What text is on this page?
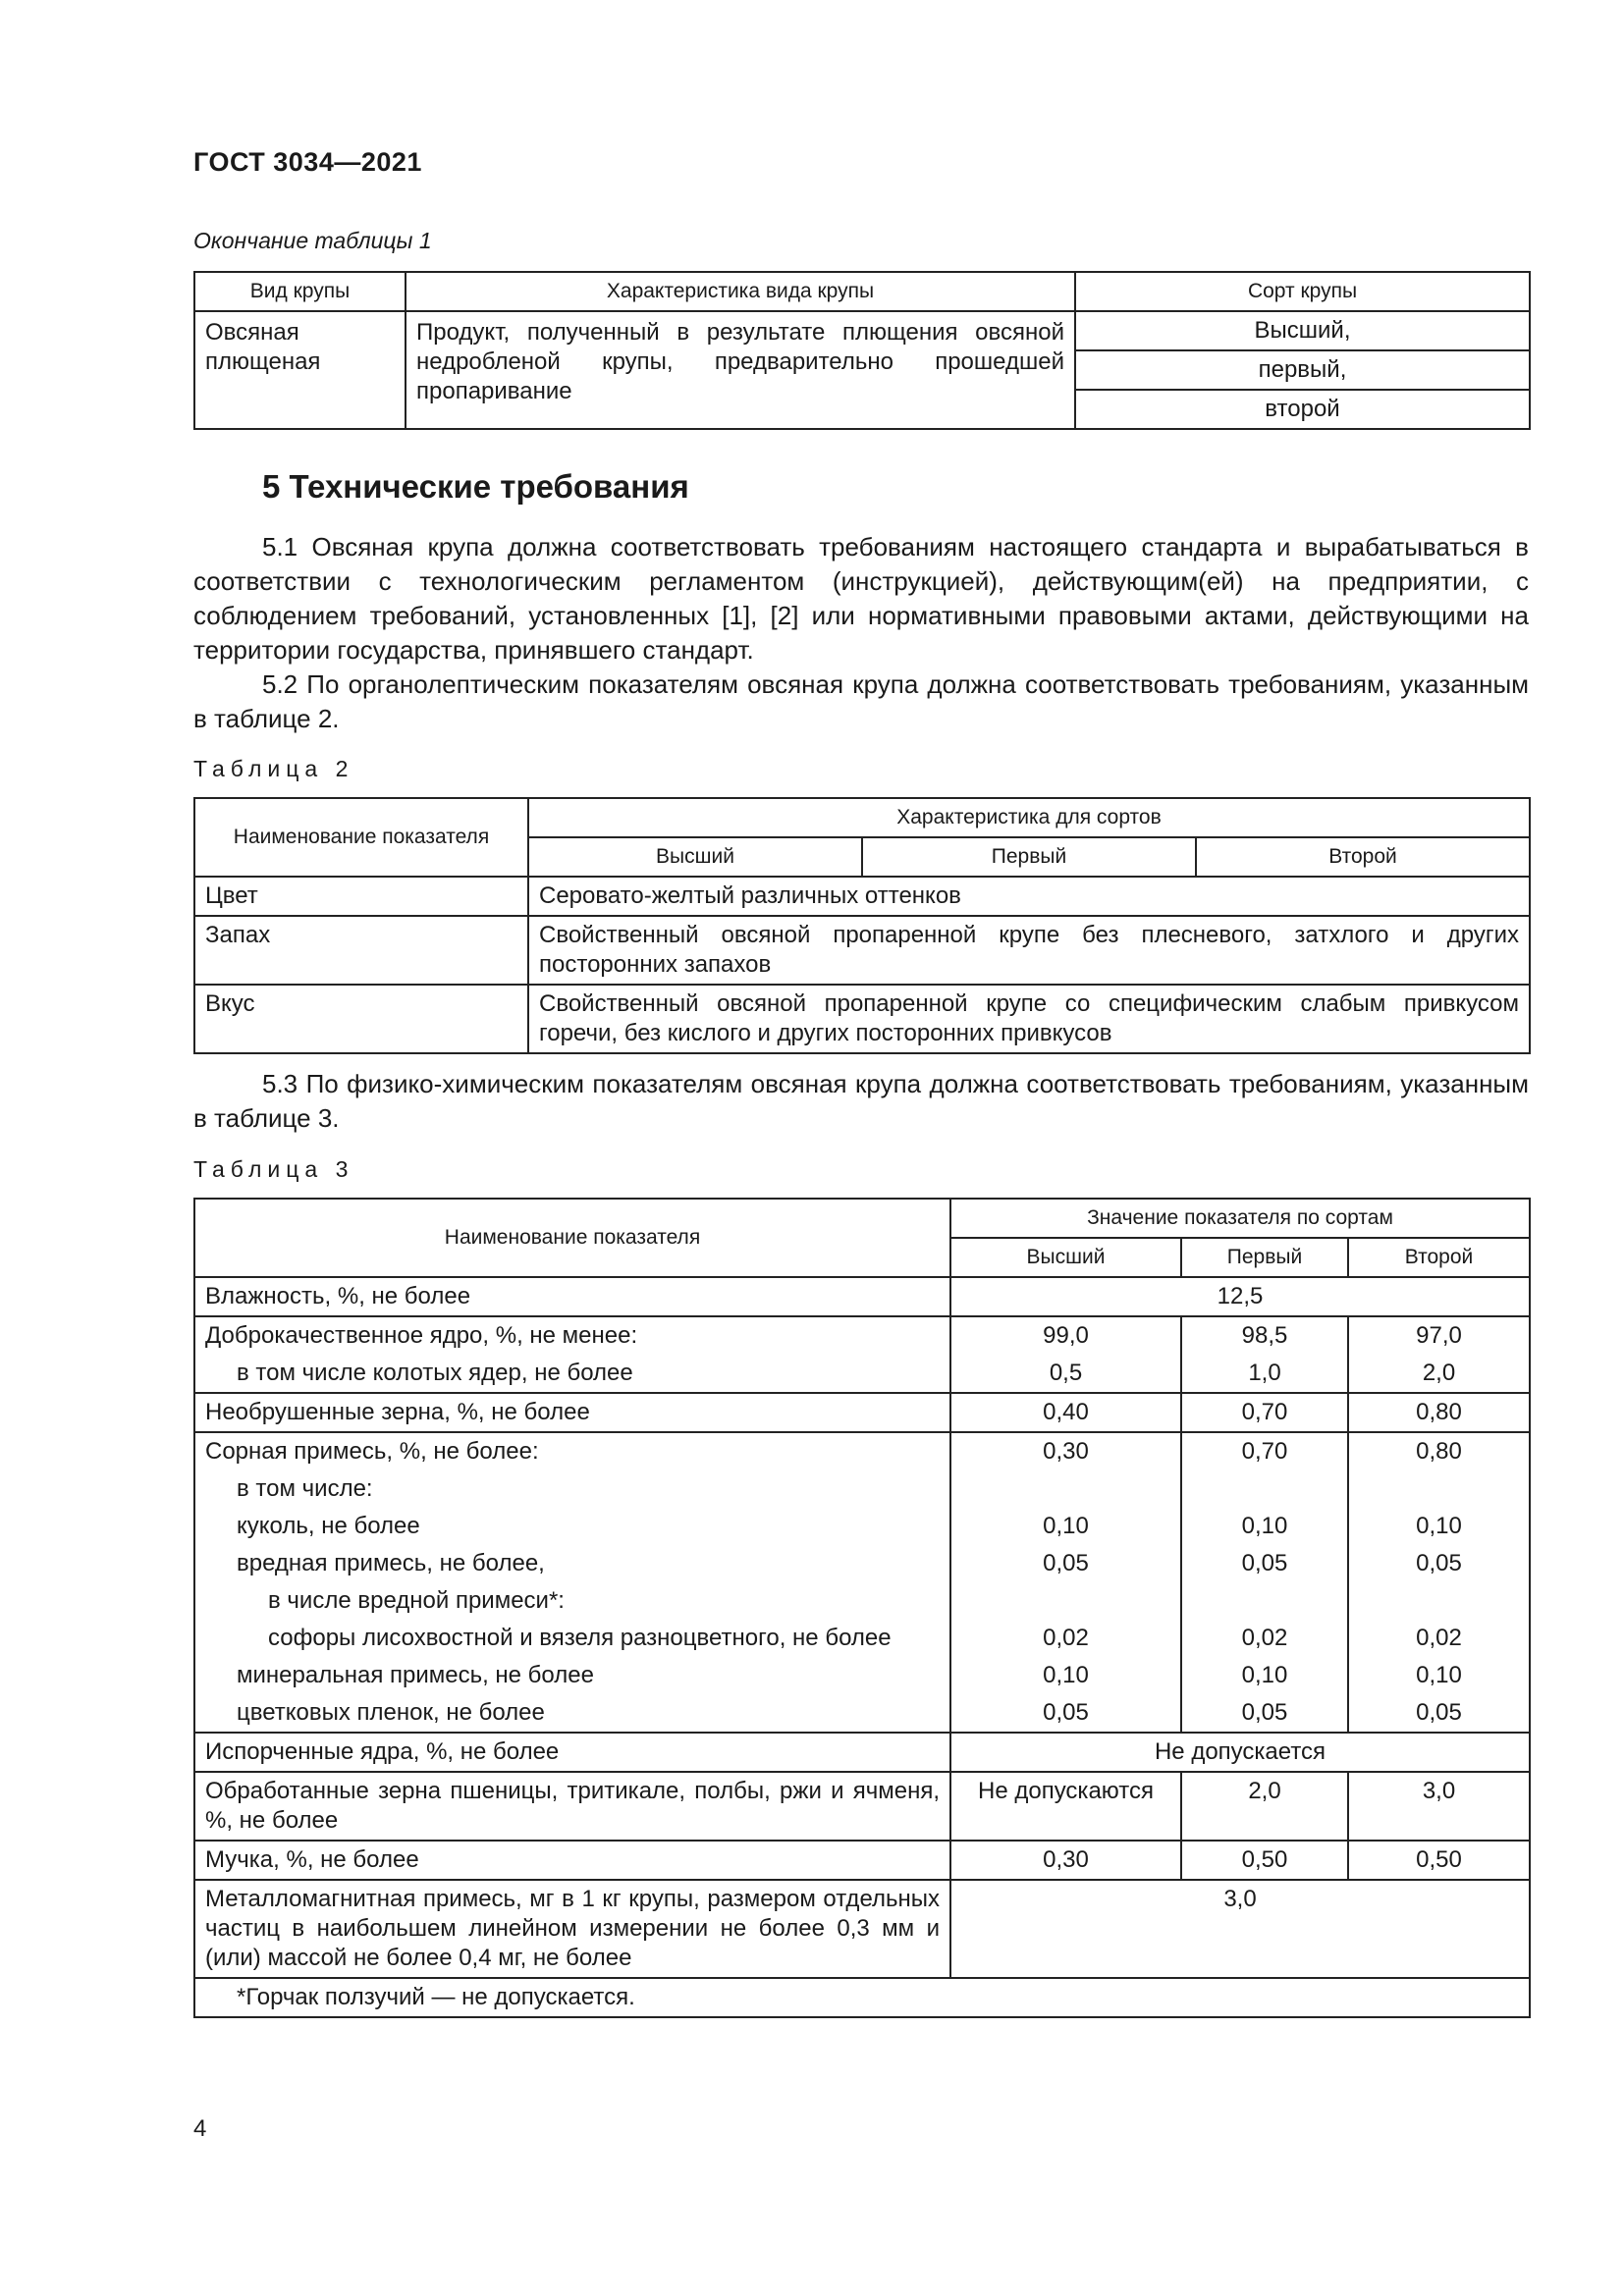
ГОСТ 3034—2021
Окончание таблицы 1
Вид крупы	Характеристика вида крупы	Сорт крупы
Овсяная плющеная	Продукт, полученный в результате плющения овсяной недробленой крупы, предварительно прошедшей пропаривание	Высший,
		первый,
		второй
5 Технические требования

5.1 Овсяная крупа должна соответствовать требованиям настоящего стандарта и вырабатываться в соответствии с технологическим регламентом (инструкцией), действующим(ей) на предприятии, с соблюдением требований, установленных [1], [2] или нормативными правовыми актами, действующими на территории государства, принявшего стандарт.

5.2 По органолептическим показателям овсяная крупа должна соответствовать требованиям, указанным в таблице 2.

Таблица 2
Наименование показателя	Характеристика для сортов		
	Высший	Первый	Второй
Цвет	Серовато-желтый различных оттенков		
Запах	Свойственный овсяной пропаренной крупе без плесневого, затхлого и других посторонних запахов		
Вкус	Свойственный овсяной пропаренной крупе со специфическим слабым привкусом горечи, без кислого и других посторонних привкусов		

5.3 По физико-химическим показателям овсяная крупа должна соответствовать требованиям, указанным в таблице 3.

Таблица 3
Наименование показателя	Значение показателя по сортам		
	Высший	Первый	Второй
Влажность, %, не более	12,5		
Доброкачественное ядро, %, не менее:	99,0	98,5	97,0
в том числе колотых ядер, не более	0,5	1,0	2,0
Необрушенные зерна, %, не более	0,40	0,70	0,80
Сорная примесь, %, не более:	0,30	0,70	0,80
в том числе:			
куколь, не более	0,10	0,10	0,10
вредная примесь, не более,	0,05	0,05	0,05
в числе вредной примеси*:			
софоры лисохвостной и вязеля разноцветного, не более	0,02	0,02	0,02
минеральная примесь, не более	0,10	0,10	0,10
цветковых пленок, не более	0,05	0,05	0,05
Испорченные ядра, %, не более	Не допускается		
Обработанные зерна пшеницы, тритикале, полбы, ржи и ячменя, %, не более	Не допускаются	2,0	3,0
Мучка, %, не более	0,30	0,50	0,50
Металломагнитная примесь, мг в 1 кг крупы, размером отдельных частиц в наибольшем линейном измерении не более 0,3 мм и (или) массой не более 0,4 мг, не более	3,0		
*Горчак ползучий — не допускается.			
4
